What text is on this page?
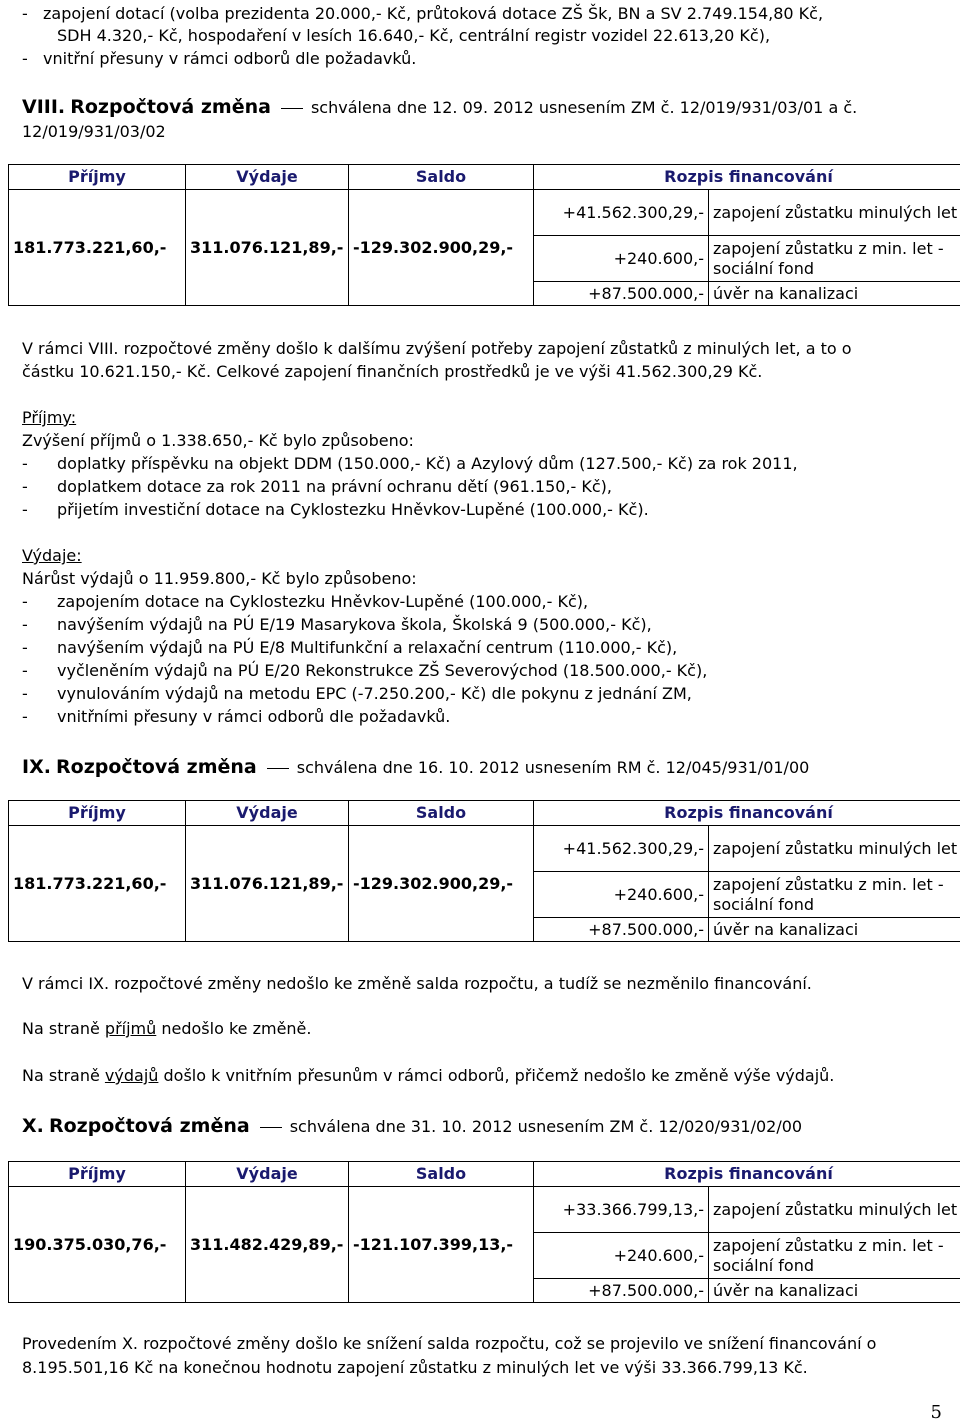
-   zapojení dotací (volba prezidenta 20.000,- Kč, průtoková dotace ZŠ Šk, BN a SV 2.749.154,80 Kč,
SDH 4.320,- Kč, hospodaření v lesích 16.640,- Kč, centrální registr vozidel 22.613,20 Kč),
-   vnitřní přesuny v rámci odborů dle požadavků.
VIII. Rozpočtová změna	schválena dne 12. 09. 2012 usnesením ZM č. 12/019/931/03/01 a č.
12/019/931/03/02
Příjmy	Výdaje	Saldo	Rozpis financování	
181.773.221,60,-	311.076.121,89,-	-129.302.900,29,-	+41.562.300,29,-	zapojení zůstatku minulých let
			+240.600,-	zapojení zůstatku z min. let - sociální fond
			+87.500.000,-	úvěr na kanalizaci
V rámci VIII. rozpočtové změny došlo k dalšímu zvýšení potřeby zapojení zůstatků z minulých let, a to o
částku 10.621.150,- Kč. Celkové zapojení finančních prostředků je ve výši 41.562.300,29 Kč.
Příjmy:
Zvýšení příjmů o 1.338.650,- Kč bylo způsobeno:
- doplatky příspěvku na objekt DDM (150.000,- Kč) a Azylový dům (127.500,- Kč) za rok 2011,
- doplatkem dotace za rok 2011 na právní ochranu dětí (961.150,- Kč),
- přijetím investiční dotace na Cyklostezku Hněvkov-Lupěné (100.000,- Kč).
Výdaje:
Nárůst výdajů o 11.959.800,- Kč bylo způsobeno:
- zapojením dotace na Cyklostezku Hněvkov-Lupěné (100.000,- Kč),
- navýšením výdajů na PÚ E/19 Masarykova škola, Školská 9 (500.000,- Kč),
- navýšením výdajů na PÚ E/8 Multifunkční a relaxační centrum (110.000,- Kč),
- vyčleněním výdajů na PÚ E/20 Rekonstrukce ZŠ Severovýchod (18.500.000,- Kč),
- vynulováním výdajů na metodu EPC (-7.250.200,- Kč) dle pokynu z jednání ZM,
- vnitřními přesuny v rámci odborů dle požadavků.
IX. Rozpočtová změna	schválena dne 16. 10. 2012 usnesením RM č. 12/045/931/01/00
Příjmy	Výdaje	Saldo	Rozpis financování	
181.773.221,60,-	311.076.121,89,-	-129.302.900,29,-	+41.562.300,29,-	zapojení zůstatku minulých let
			+240.600,-	zapojení zůstatku z min. let - sociální fond
			+87.500.000,-	úvěr na kanalizaci
V rámci IX. rozpočtové změny nedošlo ke změně salda rozpočtu, a tudíž se nezměnilo financování.
Na straně příjmů nedošlo ke změně.
Na straně výdajů došlo k vnitřním přesunům v rámci odborů, přičemž nedošlo ke změně výše výdajů.
X. Rozpočtová změna	schválena dne 31. 10. 2012 usnesením ZM č. 12/020/931/02/00
Příjmy	Výdaje	Saldo	Rozpis financování	
190.375.030,76,-	311.482.429,89,-	-121.107.399,13,-	+33.366.799,13,-	zapojení zůstatku minulých let
			+240.600,-	zapojení zůstatku z min. let - sociální fond
			+87.500.000,-	úvěr na kanalizaci
Provedením X. rozpočtové změny došlo ke snížení salda rozpočtu, což se projevilo ve snížení financování o
8.195.501,16 Kč na konečnou hodnotu zapojení zůstatku z minulých let ve výši 33.366.799,13 Kč.
5
